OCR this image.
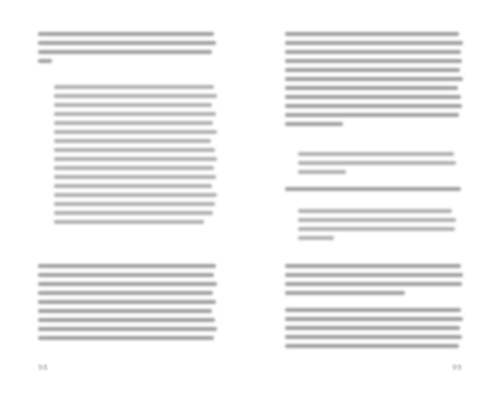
98	99
